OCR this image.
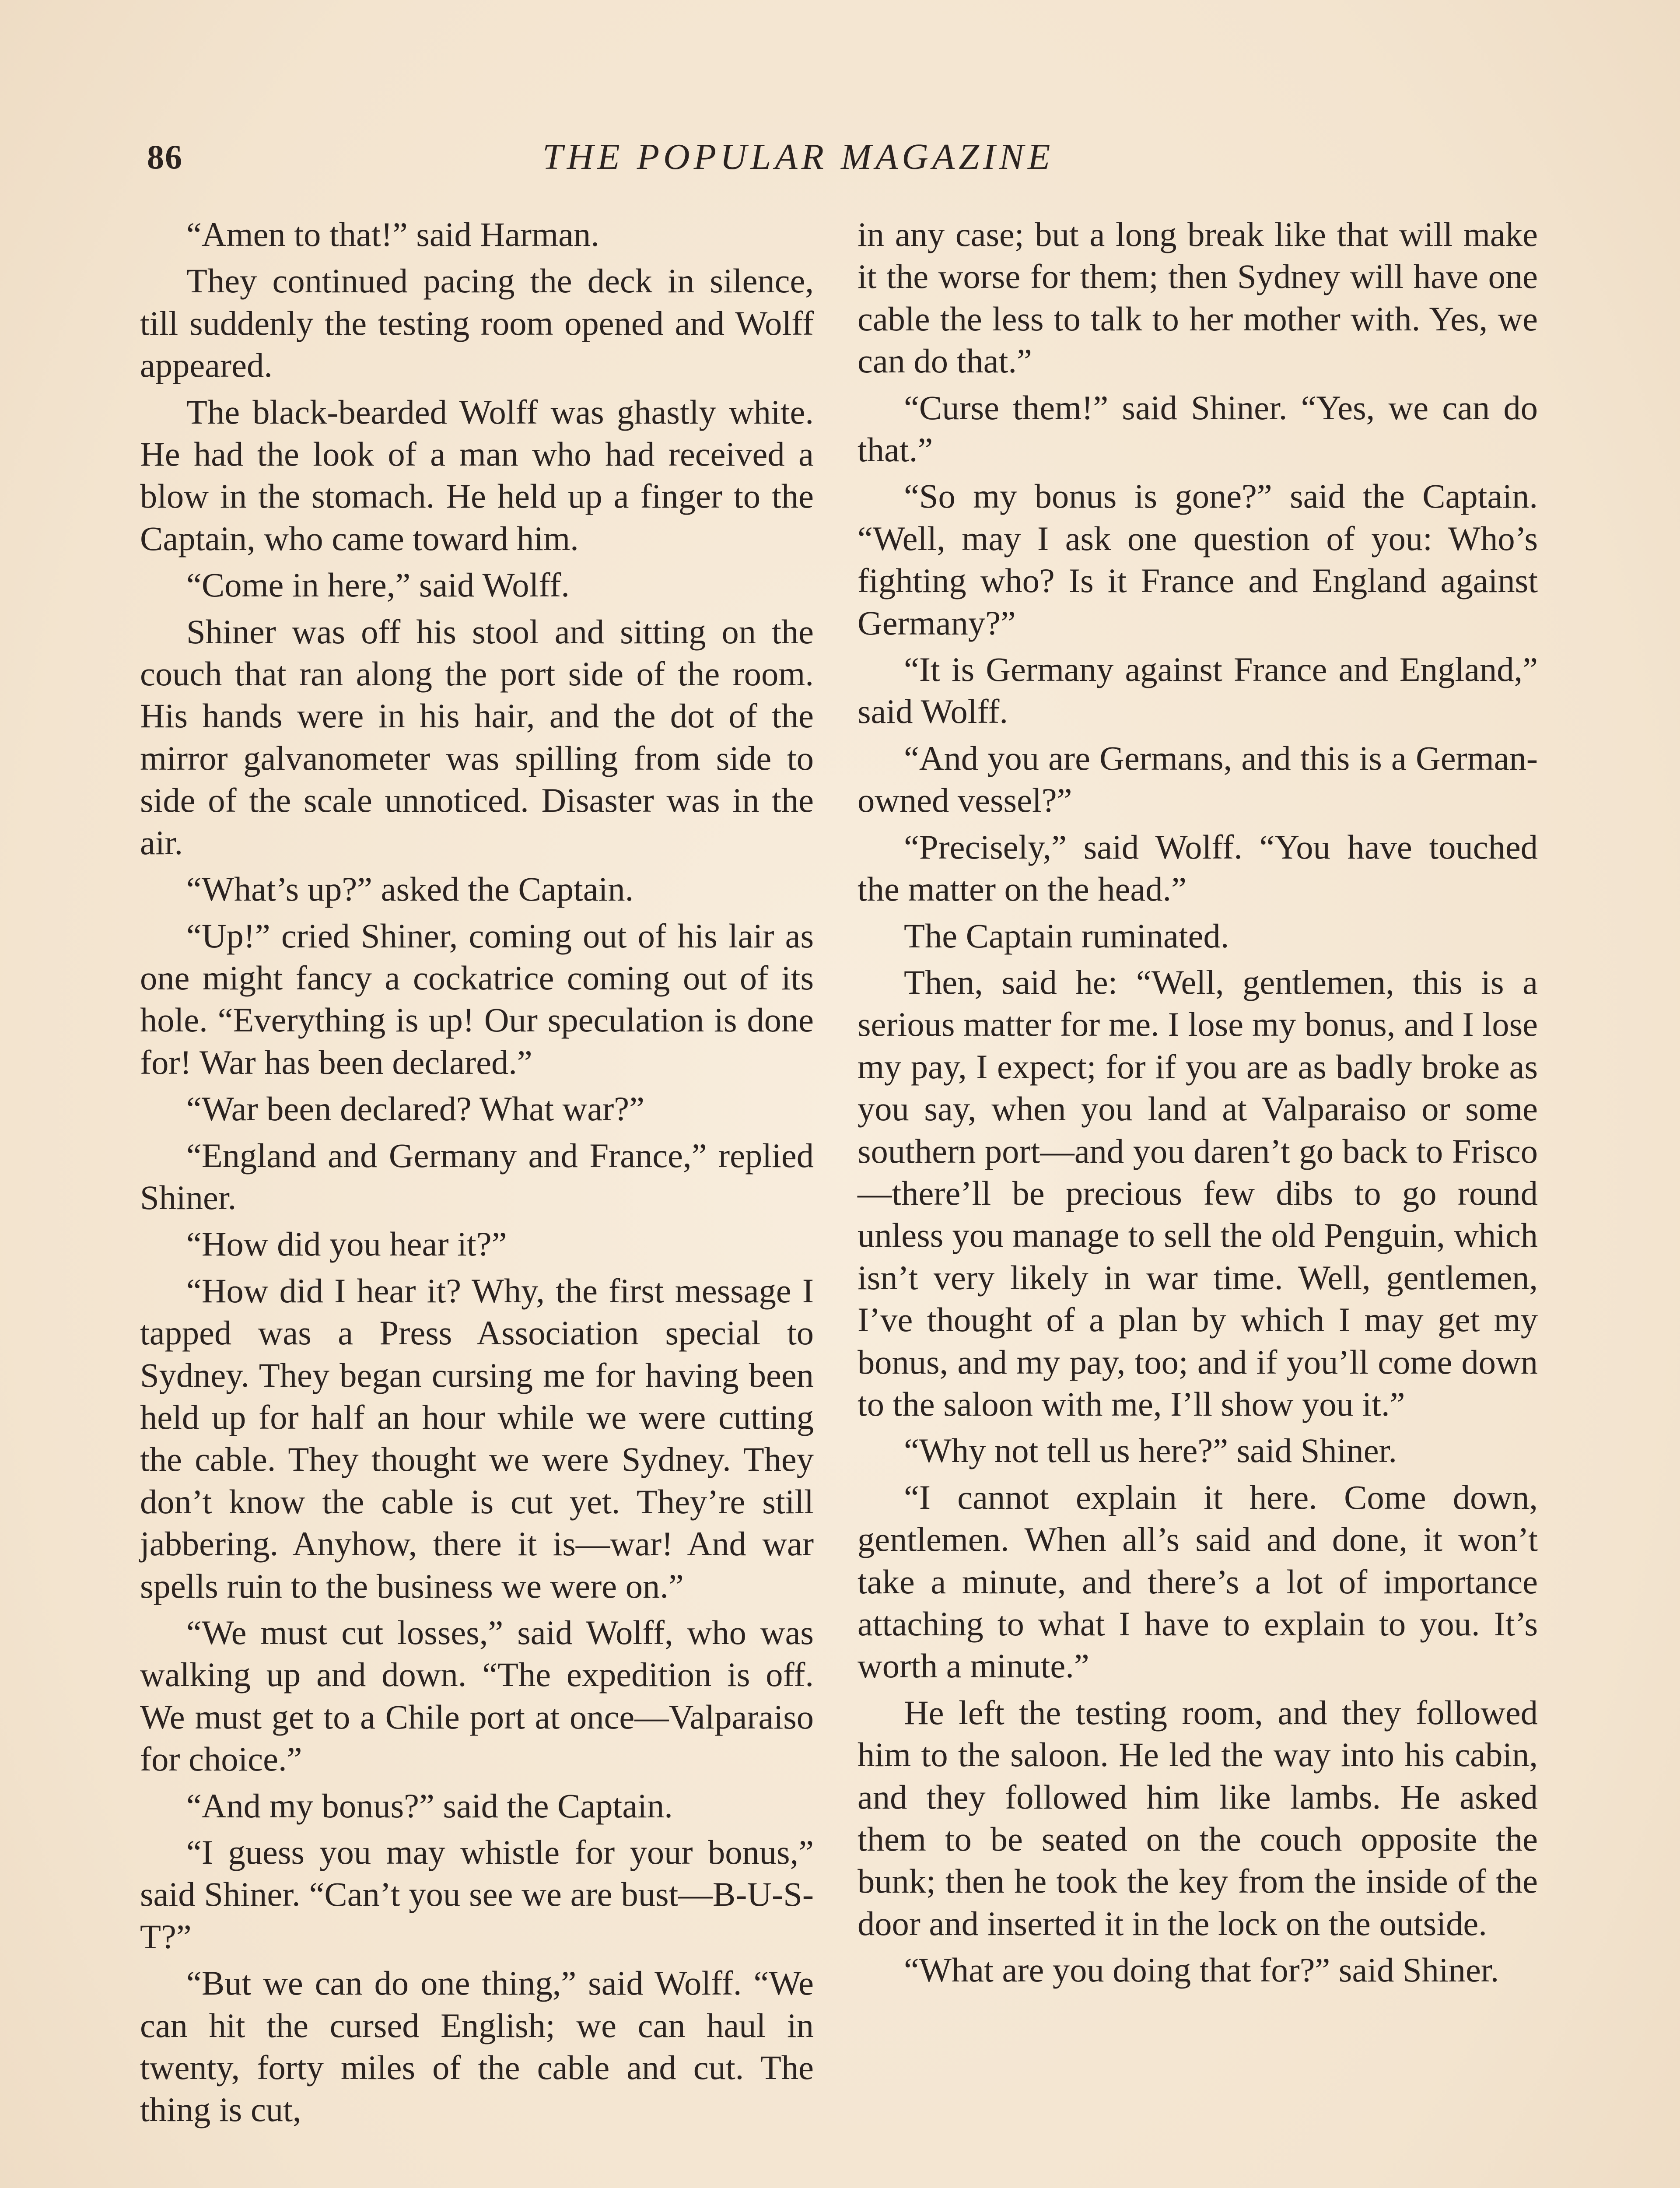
86	THE POPULAR MAGAZINE

“Amen to that!” said Harman.

They continued pacing the deck in silence, till suddenly the testing room opened and Wolff appeared.

The black-bearded Wolff was ghastly white. He had the look of a man who had received a blow in the stomach. He held up a finger to the Captain, who came toward him.

“Come in here,” said Wolff.

Shiner was off his stool and sitting on the couch that ran along the port side of the room. His hands were in his hair, and the dot of the mirror galvanometer was spilling from side to side of the scale unnoticed. Disaster was in the air.

“What’s up?” asked the Captain.

“Up!” cried Shiner, coming out of his lair as one might fancy a cockatrice coming out of its hole. “Everything is up! Our speculation is done for! War has been declared.”

“War been declared? What war?”

“England and Germany and France,” replied Shiner.

“How did you hear it?”

“How did I hear it? Why, the first message I tapped was a Press Association special to Sydney. They began cursing me for having been held up for half an hour while we were cutting the cable. They thought we were Sydney. They don’t know the cable is cut yet. They’re still jabbering. Anyhow, there it is—war! And war spells ruin to the business we were on.”

“We must cut losses,” said Wolff, who was walking up and down. “The expedition is off. We must get to a Chile port at once—Valparaiso for choice.”

“And my bonus?” said the Captain.

“I guess you may whistle for your bonus,” said Shiner. “Can’t you see we are bust—B-U-S-T?”

“But we can do one thing,” said Wolff. “We can hit the cursed English; we can haul in twenty, forty miles of the cable and cut. The thing is cut,

in any case; but a long break like that will make it the worse for them; then Sydney will have one cable the less to talk to her mother with. Yes, we can do that.”

“Curse them!” said Shiner. “Yes, we can do that.”

“So my bonus is gone?” said the Captain. “Well, may I ask one question of you: Who’s fighting who? Is it France and England against Germany?”

“It is Germany against France and England,” said Wolff.

“And you are Germans, and this is a German-owned vessel?”

“Precisely,” said Wolff. “You have touched the matter on the head.”

The Captain ruminated.

Then, said he: “Well, gentlemen, this is a serious matter for me. I lose my bonus, and I lose my pay, I expect; for if you are as badly broke as you say, when you land at Valparaiso or some southern port—and you daren’t go back to Frisco—there’ll be precious few dibs to go round unless you manage to sell the old Penguin, which isn’t very likely in war time. Well, gentlemen, I’ve thought of a plan by which I may get my bonus, and my pay, too; and if you’ll come down to the saloon with me, I’ll show you it.”

“Why not tell us here?” said Shiner.

“I cannot explain it here. Come down, gentlemen. When all’s said and done, it won’t take a minute, and there’s a lot of importance attaching to what I have to explain to you. It’s worth a minute.”

He left the testing room, and they followed him to the saloon. He led the way into his cabin, and they followed him like lambs. He asked them to be seated on the couch opposite the bunk; then he took the key from the inside of the door and inserted it in the lock on the outside.

“What are you doing that for?” said Shiner.
